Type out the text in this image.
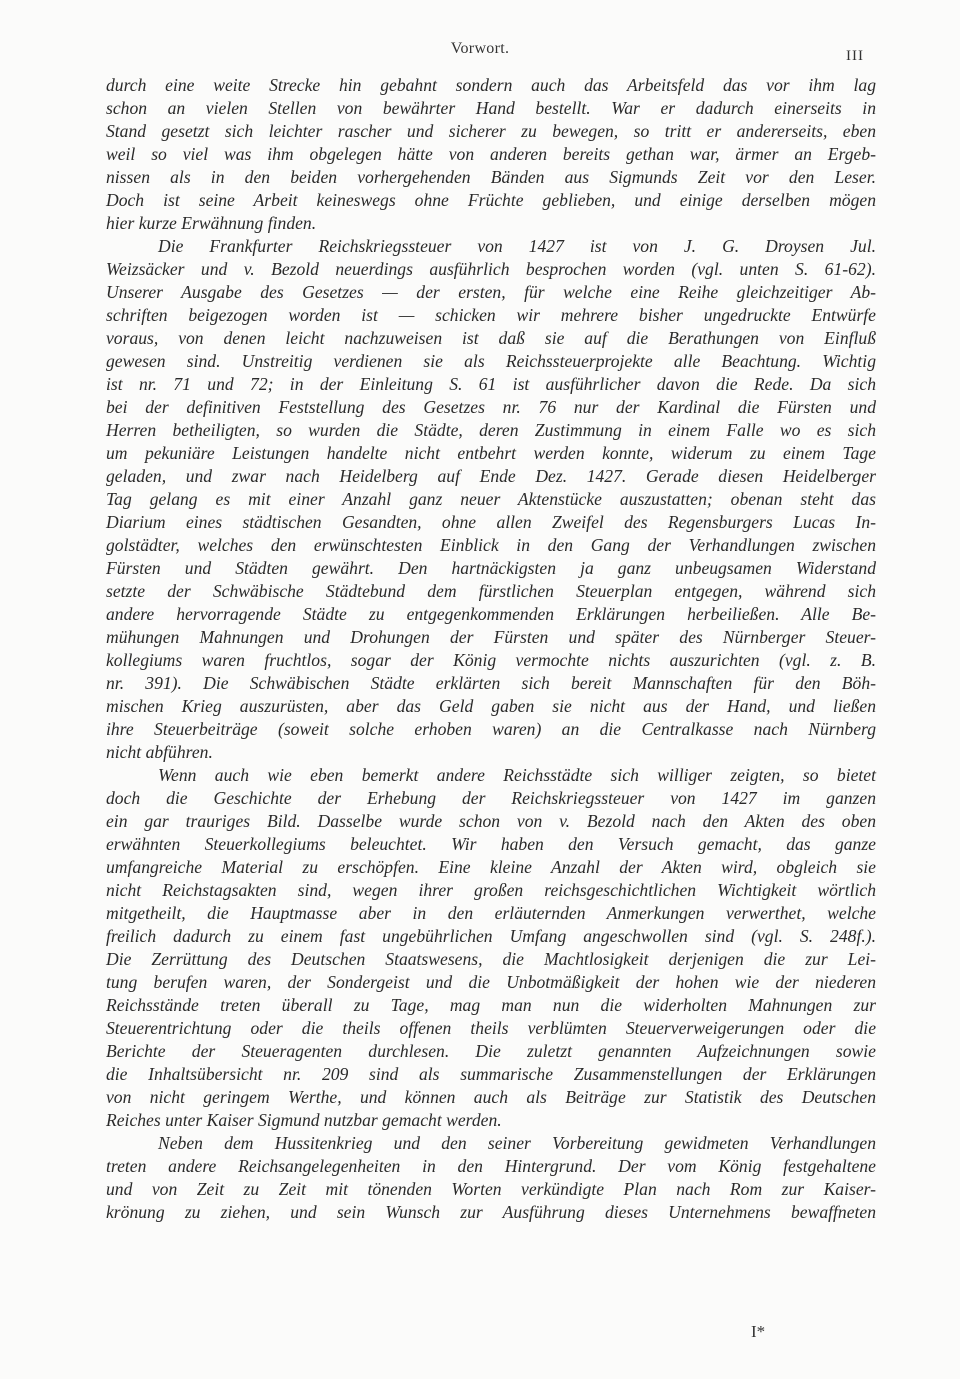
Vorwort.	III
durch eine weite Strecke hin gebahnt sondern auch das Arbeitsfeld das vor ihm lag
schon an vielen Stellen von bewährter Hand bestellt. War er dadurch einerseits in
Stand gesetzt sich leichter rascher und sicherer zu bewegen, so tritt er andererseits, eben
weil so viel was ihm obgelegen hätte von anderen bereits gethan war, ärmer an Ergeb-
nissen als in den beiden vorhergehenden Bänden aus Sigmunds Zeit vor den Leser.
Doch ist seine Arbeit keineswegs ohne Früchte geblieben, und einige derselben mögen
hier kurze Erwähnung finden.
Die Frankfurter Reichskriegssteuer von 1427 ist von J. G. Droysen Jul.
Weizsäcker und v. Bezold neuerdings ausführlich besprochen worden (vgl. unten S. 61-62).
Unserer Ausgabe des Gesetzes — der ersten, für welche eine Reihe gleichzeitiger Ab-
schriften beigezogen worden ist — schicken wir mehrere bisher ungedruckte Entwürfe
voraus, von denen leicht nachzuweisen ist daß sie auf die Berathungen von Einfluß
gewesen sind. Unstreitig verdienen sie als Reichssteuerprojekte alle Beachtung. Wichtig
ist nr. 71 und 72; in der Einleitung S. 61 ist ausführlicher davon die Rede. Da sich
bei der definitiven Feststellung des Gesetzes nr. 76 nur der Kardinal die Fürsten und
Herren betheiligten, so wurden die Städte, deren Zustimmung in einem Falle wo es sich
um pekuniäre Leistungen handelte nicht entbehrt werden konnte, widerum zu einem Tage
geladen, und zwar nach Heidelberg auf Ende Dez. 1427. Gerade diesen Heidelberger
Tag gelang es mit einer Anzahl ganz neuer Aktenstücke auszustatten; obenan steht das
Diarium eines städtischen Gesandten, ohne allen Zweifel des Regensburgers Lucas In-
golstädter, welches den erwünschtesten Einblick in den Gang der Verhandlungen zwischen
Fürsten und Städten gewährt. Den hartnäckigsten ja ganz unbeugsamen Widerstand
setzte der Schwäbische Städtebund dem fürstlichen Steuerplan entgegen, während sich
andere hervorragende Städte zu entgegenkommenden Erklärungen herbeiließen. Alle Be-
mühungen Mahnungen und Drohungen der Fürsten und später des Nürnberger Steuer-
kollegiums waren fruchtlos, sogar der König vermochte nichts auszurichten (vgl. z. B.
nr. 391). Die Schwäbischen Städte erklärten sich bereit Mannschaften für den Böh-
mischen Krieg auszurüsten, aber das Geld gaben sie nicht aus der Hand, und ließen
ihre Steuerbeiträge (soweit solche erhoben waren) an die Centralkasse nach Nürnberg
nicht abführen.
Wenn auch wie eben bemerkt andere Reichsstädte sich williger zeigten, so bietet
doch die Geschichte der Erhebung der Reichskriegssteuer von 1427 im ganzen
ein gar trauriges Bild. Dasselbe wurde schon von v. Bezold nach den Akten des oben
erwähnten Steuerkollegiums beleuchtet. Wir haben den Versuch gemacht, das ganze
umfangreiche Material zu erschöpfen. Eine kleine Anzahl der Akten wird, obgleich sie
nicht Reichstagsakten sind, wegen ihrer großen reichsgeschichtlichen Wichtigkeit wörtlich
mitgetheilt, die Hauptmasse aber in den erläuternden Anmerkungen verwerthet, welche
freilich dadurch zu einem fast ungebührlichen Umfang angeschwollen sind (vgl. S. 248f.).
Die Zerrüttung des Deutschen Staatswesens, die Machtlosigkeit derjenigen die zur Lei-
tung berufen waren, der Sondergeist und die Unbotmäßigkeit der hohen wie der niederen
Reichsstände treten überall zu Tage, mag man nun die widerholten Mahnungen zur
Steuerentrichtung oder die theils offenen theils verblümten Steuerverweigerungen oder die
Berichte der Steueragenten durchlesen. Die zuletzt genannten Aufzeichnungen sowie
die Inhaltsübersicht nr. 209 sind als summarische Zusammenstellungen der Erklärungen
von nicht geringem Werthe, und können auch als Beiträge zur Statistik des Deutschen
Reiches unter Kaiser Sigmund nutzbar gemacht werden.
Neben dem Hussitenkrieg und den seiner Vorbereitung gewidmeten Verhandlungen
treten andere Reichsangelegenheiten in den Hintergrund. Der vom König festgehaltene
und von Zeit zu Zeit mit tönenden Worten verkündigte Plan nach Rom zur Kaiser-
krönung zu ziehen, und sein Wunsch zur Ausführung dieses Unternehmens bewaffneten
I*
